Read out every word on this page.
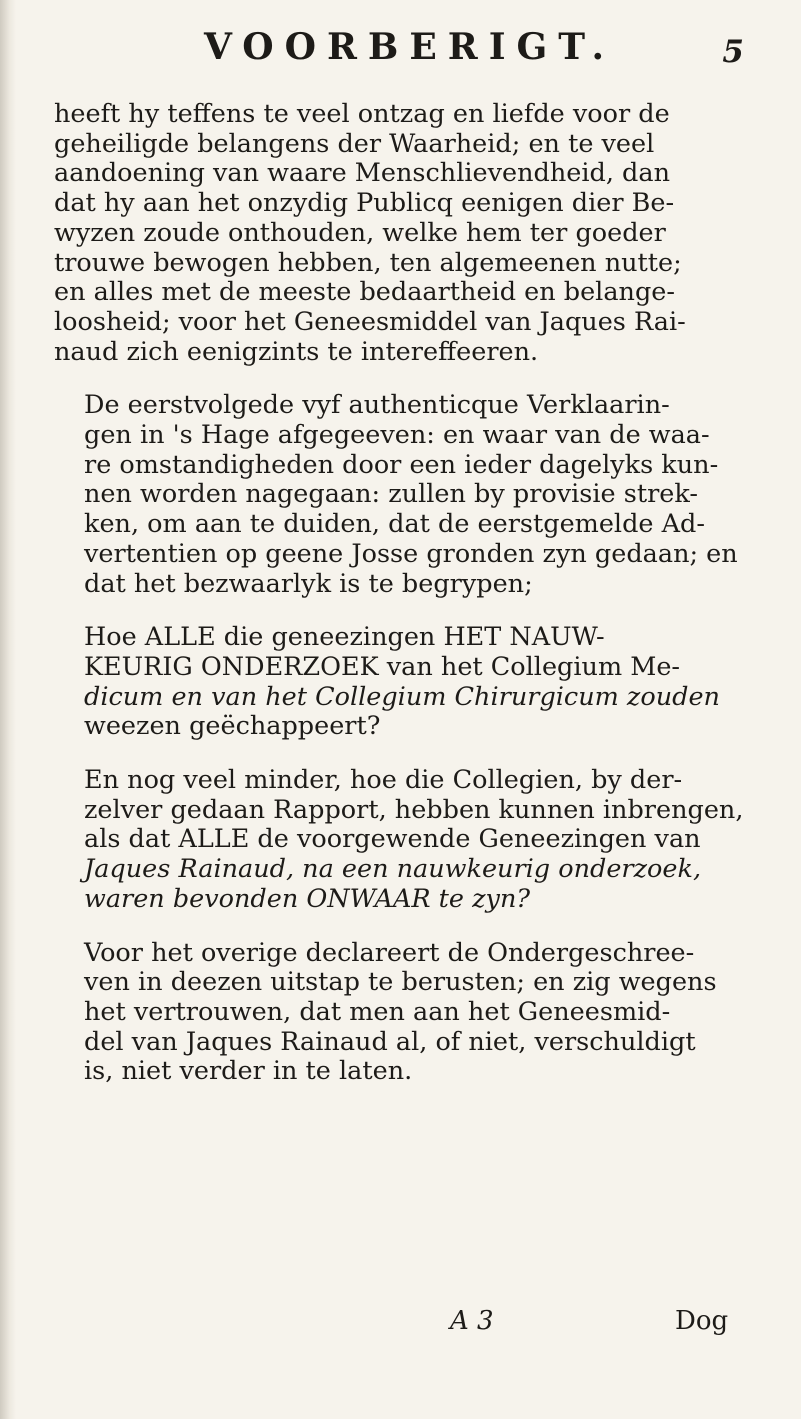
VOORBERIGT.	5

heeft hy teffens te veel ontzag en liefde voor de
geheiligde belangens der Waarheid; en te veel
aandoening van waare Menschlievendheid, dan
dat hy aan het onzydig Publicq eenigen dier Be-
wyzen zoude onthouden, welke hem ter goeder
trouwe bewogen hebben, ten algemeenen nutte;
en alles met de meeste bedaartheid en belange-
loosheid; voor het Geneesmiddel van Jaques Rai-
naud zich eenigzints te intereffeeren.

De eerstvolgede vyf authenticque Verklaarin-
gen in 's Hage afgegeeven: en waar van de waa-
re omstandigheden door een ieder dagelyks kun-
nen worden nagegaan: zullen by provisie strek-
ken, om aan te duiden, dat de eerstgemelde Ad-
vertentien op geene Josse gronden zyn gedaan; en
dat het bezwaarlyk is te begrypen;

Hoe ALLE die geneezingen HET NAUW-
KEURIG ONDERZOEK van het Collegium Me-
dicum en van het Collegium Chirurgicum zouden
weezen geëchappeert?

En nog veel minder, hoe die Collegien, by der-
zelver gedaan Rapport, hebben kunnen inbrengen,
als dat ALLE de voorgewende Geneezingen van
Jaques Rainaud, na een nauwkeurig onderzoek,
waren bevonden ONWAAR te zyn?

Voor het overige declareert de Ondergeschree-
ven in deezen uitstap te berusten; en zig wegens
het vertrouwen, dat men aan het Geneesmid-
del van Jaques Rainaud al, of niet, verschuldigt
is, niet verder in te laten.

A 3	Dog
